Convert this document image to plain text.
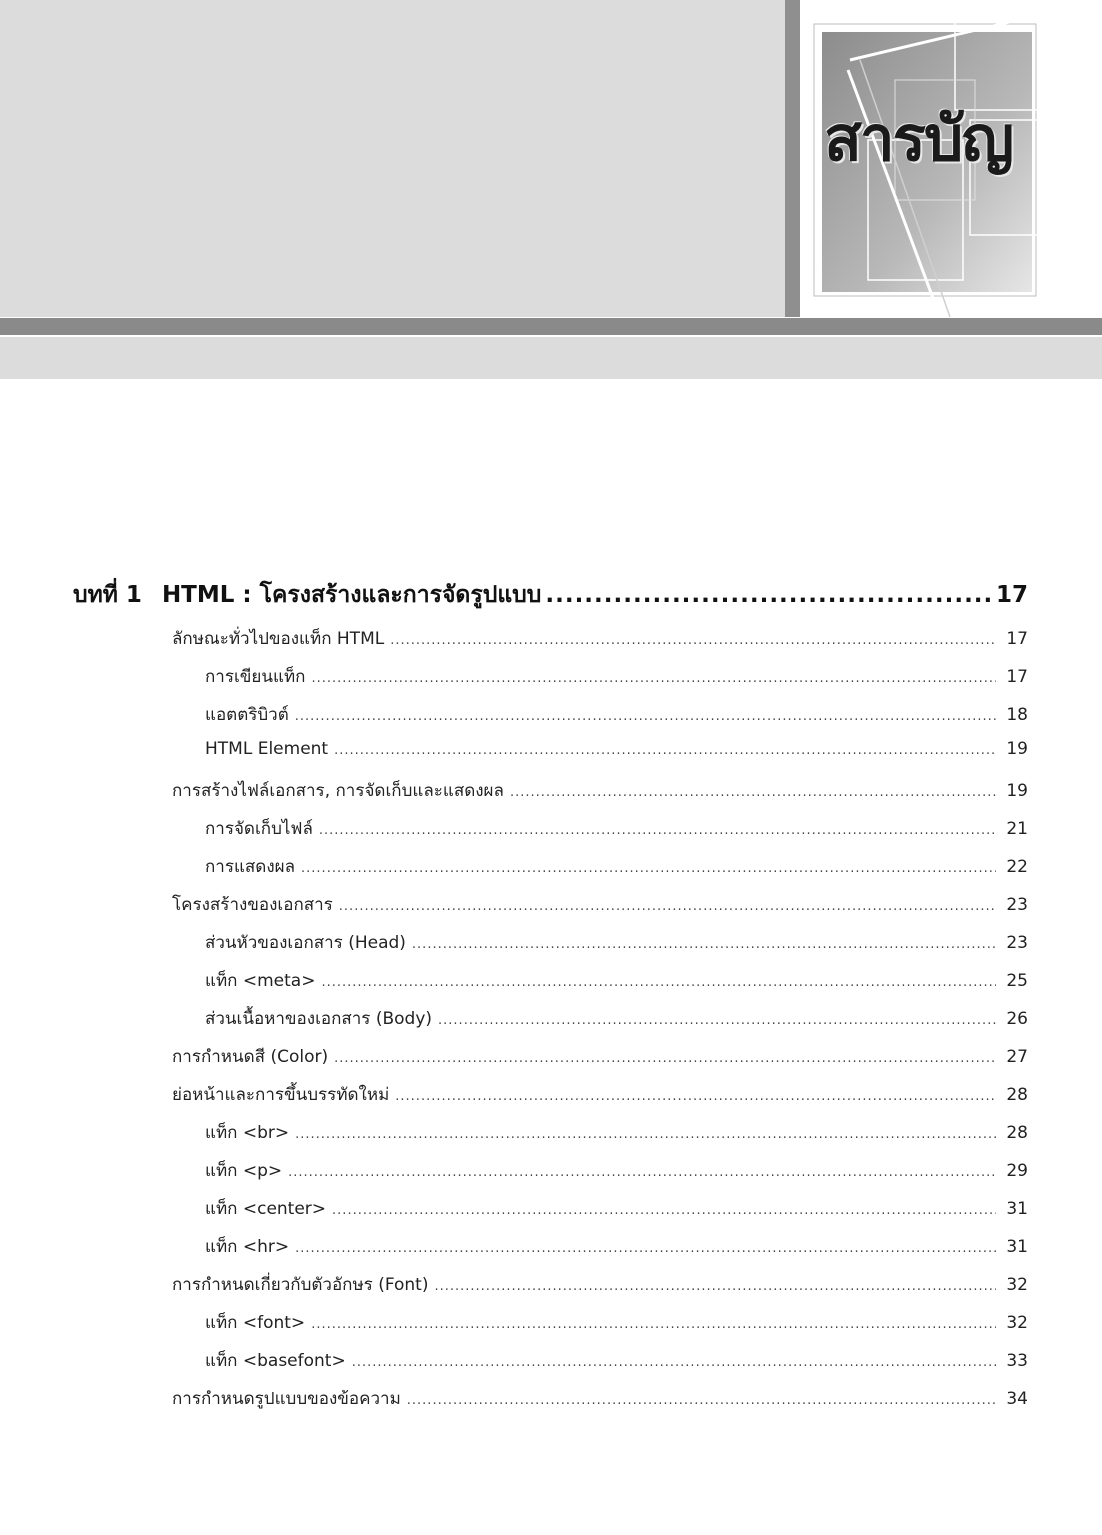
สารบัญ
บทที่ 1 HTML : โครงสร้างและการจัดรูปแบบ .....	17
ลักษณะทั่วไปของแท็ก HTML .....	17
การเขียนแท็ก .....	17
แอตตริบิวต์ .....	18
HTML Element .....	19
การสร้างไฟล์เอกสาร, การจัดเก็บและแสดงผล .....	19
การจัดเก็บไฟล์ .....	21
การแสดงผล .....	22
โครงสร้างของเอกสาร .....	23
ส่วนหัวของเอกสาร (Head) .....	23
แท็ก <meta> .....	25
ส่วนเนื้อหาของเอกสาร (Body) .....	26
การกำหนดสี (Color) .....	27
ย่อหน้าและการขึ้นบรรทัดใหม่ .....	28
แท็ก <br> .....	28
แท็ก <p> .....	29
แท็ก <center> .....	31
แท็ก <hr> .....	31
การกำหนดเกี่ยวกับตัวอักษร (Font) .....	32
แท็ก <font> .....	32
แท็ก <basefont> .....	33
การกำหนดรูปแบบของข้อความ .....	34
